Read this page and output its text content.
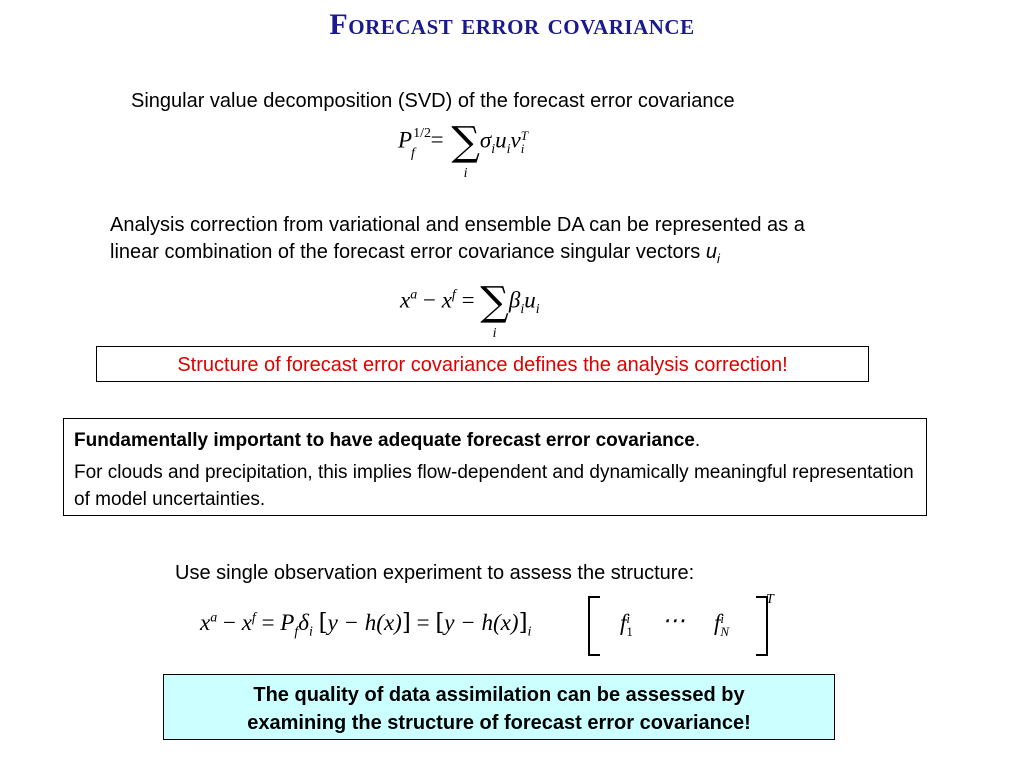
Forecast error covariance
Singular value decomposition (SVD) of the forecast error covariance
$P^{1/2}_f$ = ∑
i
$\sigma_iu_iv$ T
i
Analysis correction from variational and ensemble DA can be represented as a
linear combination of the forecast error covariance singular vectors $u_i$
$x^a - x^f$ = ∑
i
$\beta_iu_i$
Structure of forecast error covariance defines the analysis correction!
Fundamentally important to have adequate forecast error covariance.
For clouds and precipitation, this implies flow-dependent and dynamically meaningful representation of model uncertainties.
Use single observation experiment to assess the structure:
$x^a - x^f = P_f\delta_i$ $[y - h(x)] = [y - h(x)]_i$	f i
1 ⋯ f i
N
T
The quality of data assimilation can be assessed by
examining the structure of forecast error covariance!
